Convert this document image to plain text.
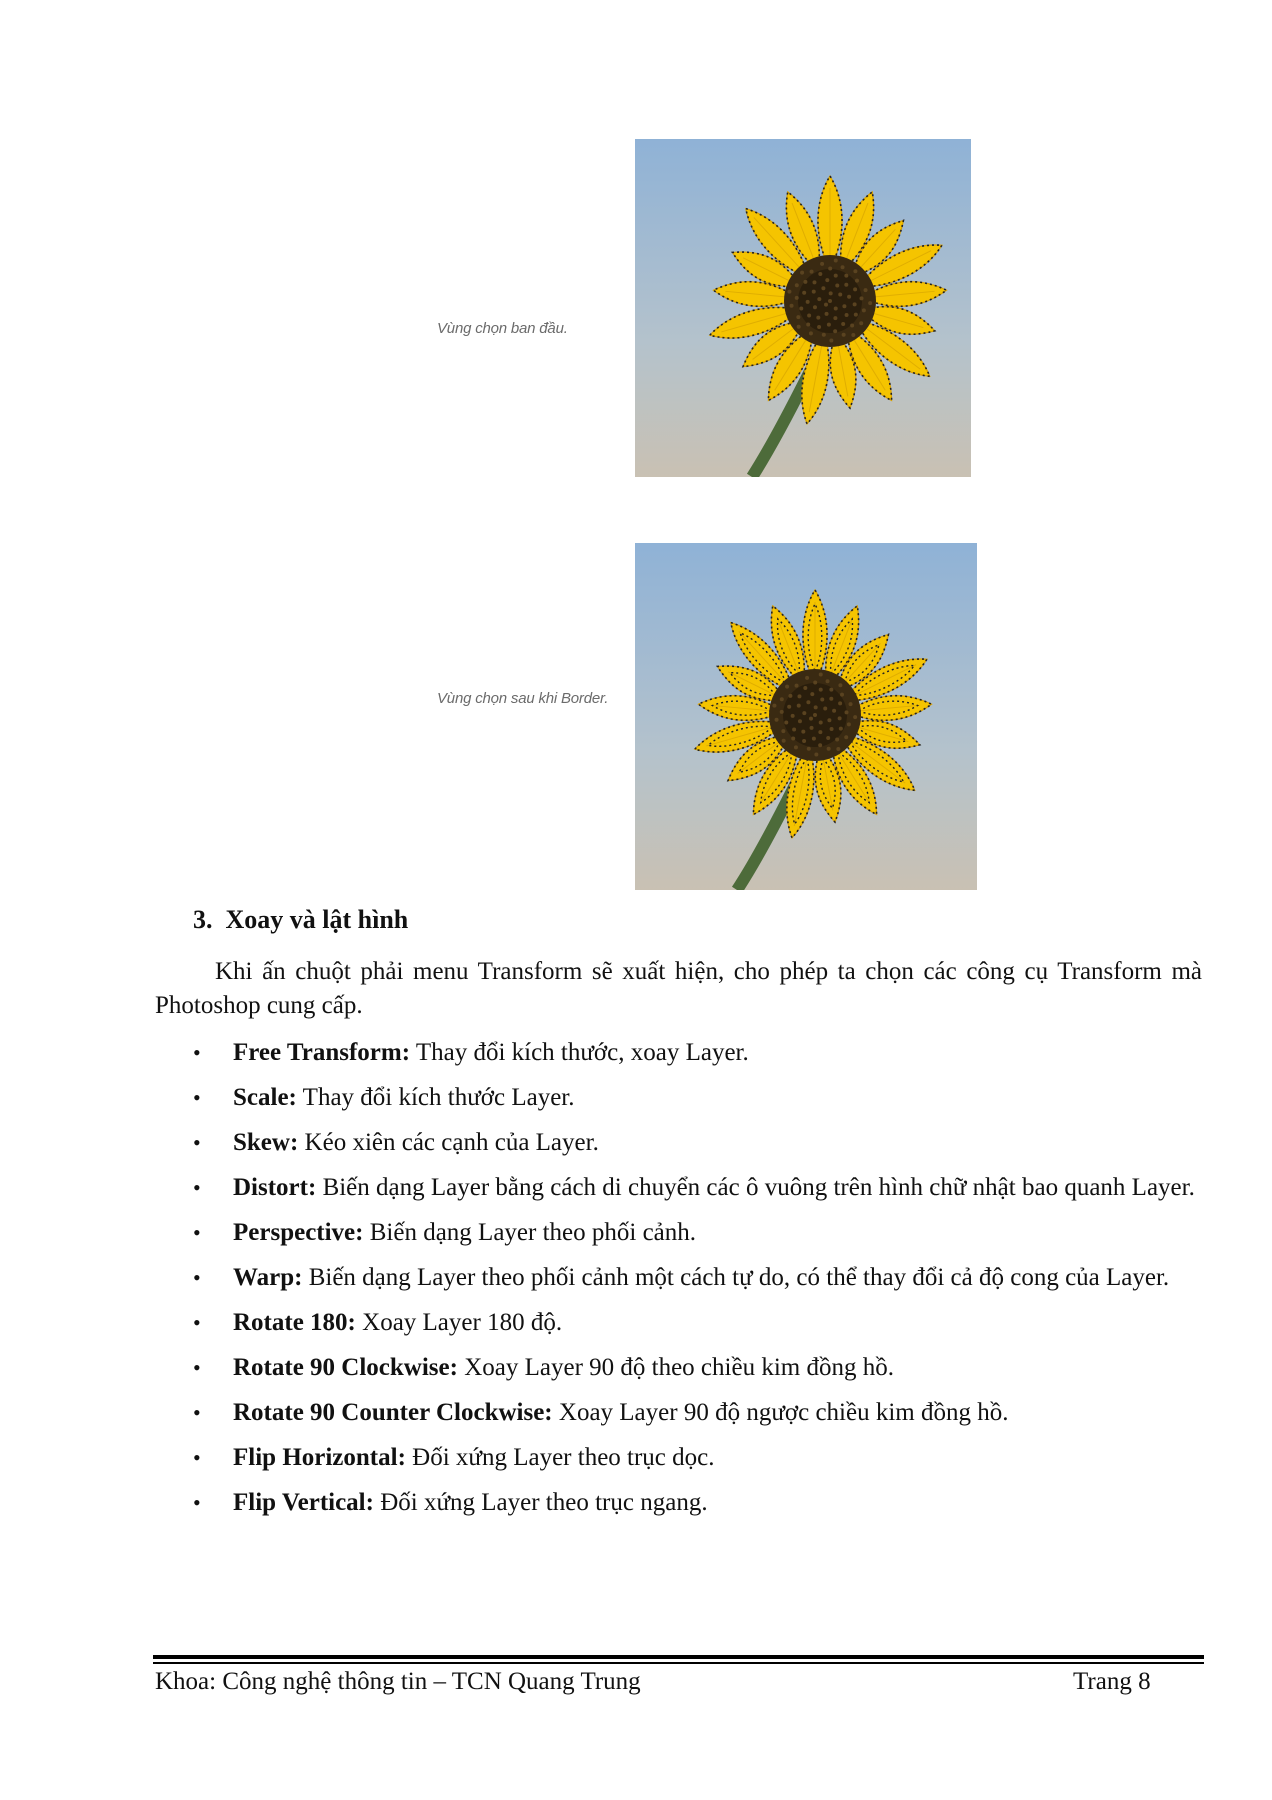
Vùng chọn ban đầu.
Vùng chọn sau khi Border.
3. Xoay và lật hình

Khi ấn chuột phải menu Transform sẽ xuất hiện, cho phép ta chọn các công cụ Transform mà Photoshop cung cấp.

• Free Transform: Thay đổi kích thước, xoay Layer.
• Scale: Thay đổi kích thước Layer.
• Skew: Kéo xiên các cạnh của Layer.
• Distort: Biến dạng Layer bằng cách di chuyển các ô vuông trên hình chữ nhật bao quanh Layer.
• Perspective: Biến dạng Layer theo phối cảnh.
• Warp: Biến dạng Layer theo phối cảnh một cách tự do, có thể thay đổi cả độ cong của Layer.
• Rotate 180: Xoay Layer 180 độ.
• Rotate 90 Clockwise: Xoay Layer 90 độ theo chiều kim đồng hồ.
• Rotate 90 Counter Clockwise: Xoay Layer 90 độ ngược chiều kim đồng hồ.
• Flip Horizontal: Đối xứng Layer theo trục dọc.
• Flip Vertical: Đối xứng Layer theo trục ngang.
Khoa: Công nghệ thông tin – TCN Quang Trung	Trang 8
